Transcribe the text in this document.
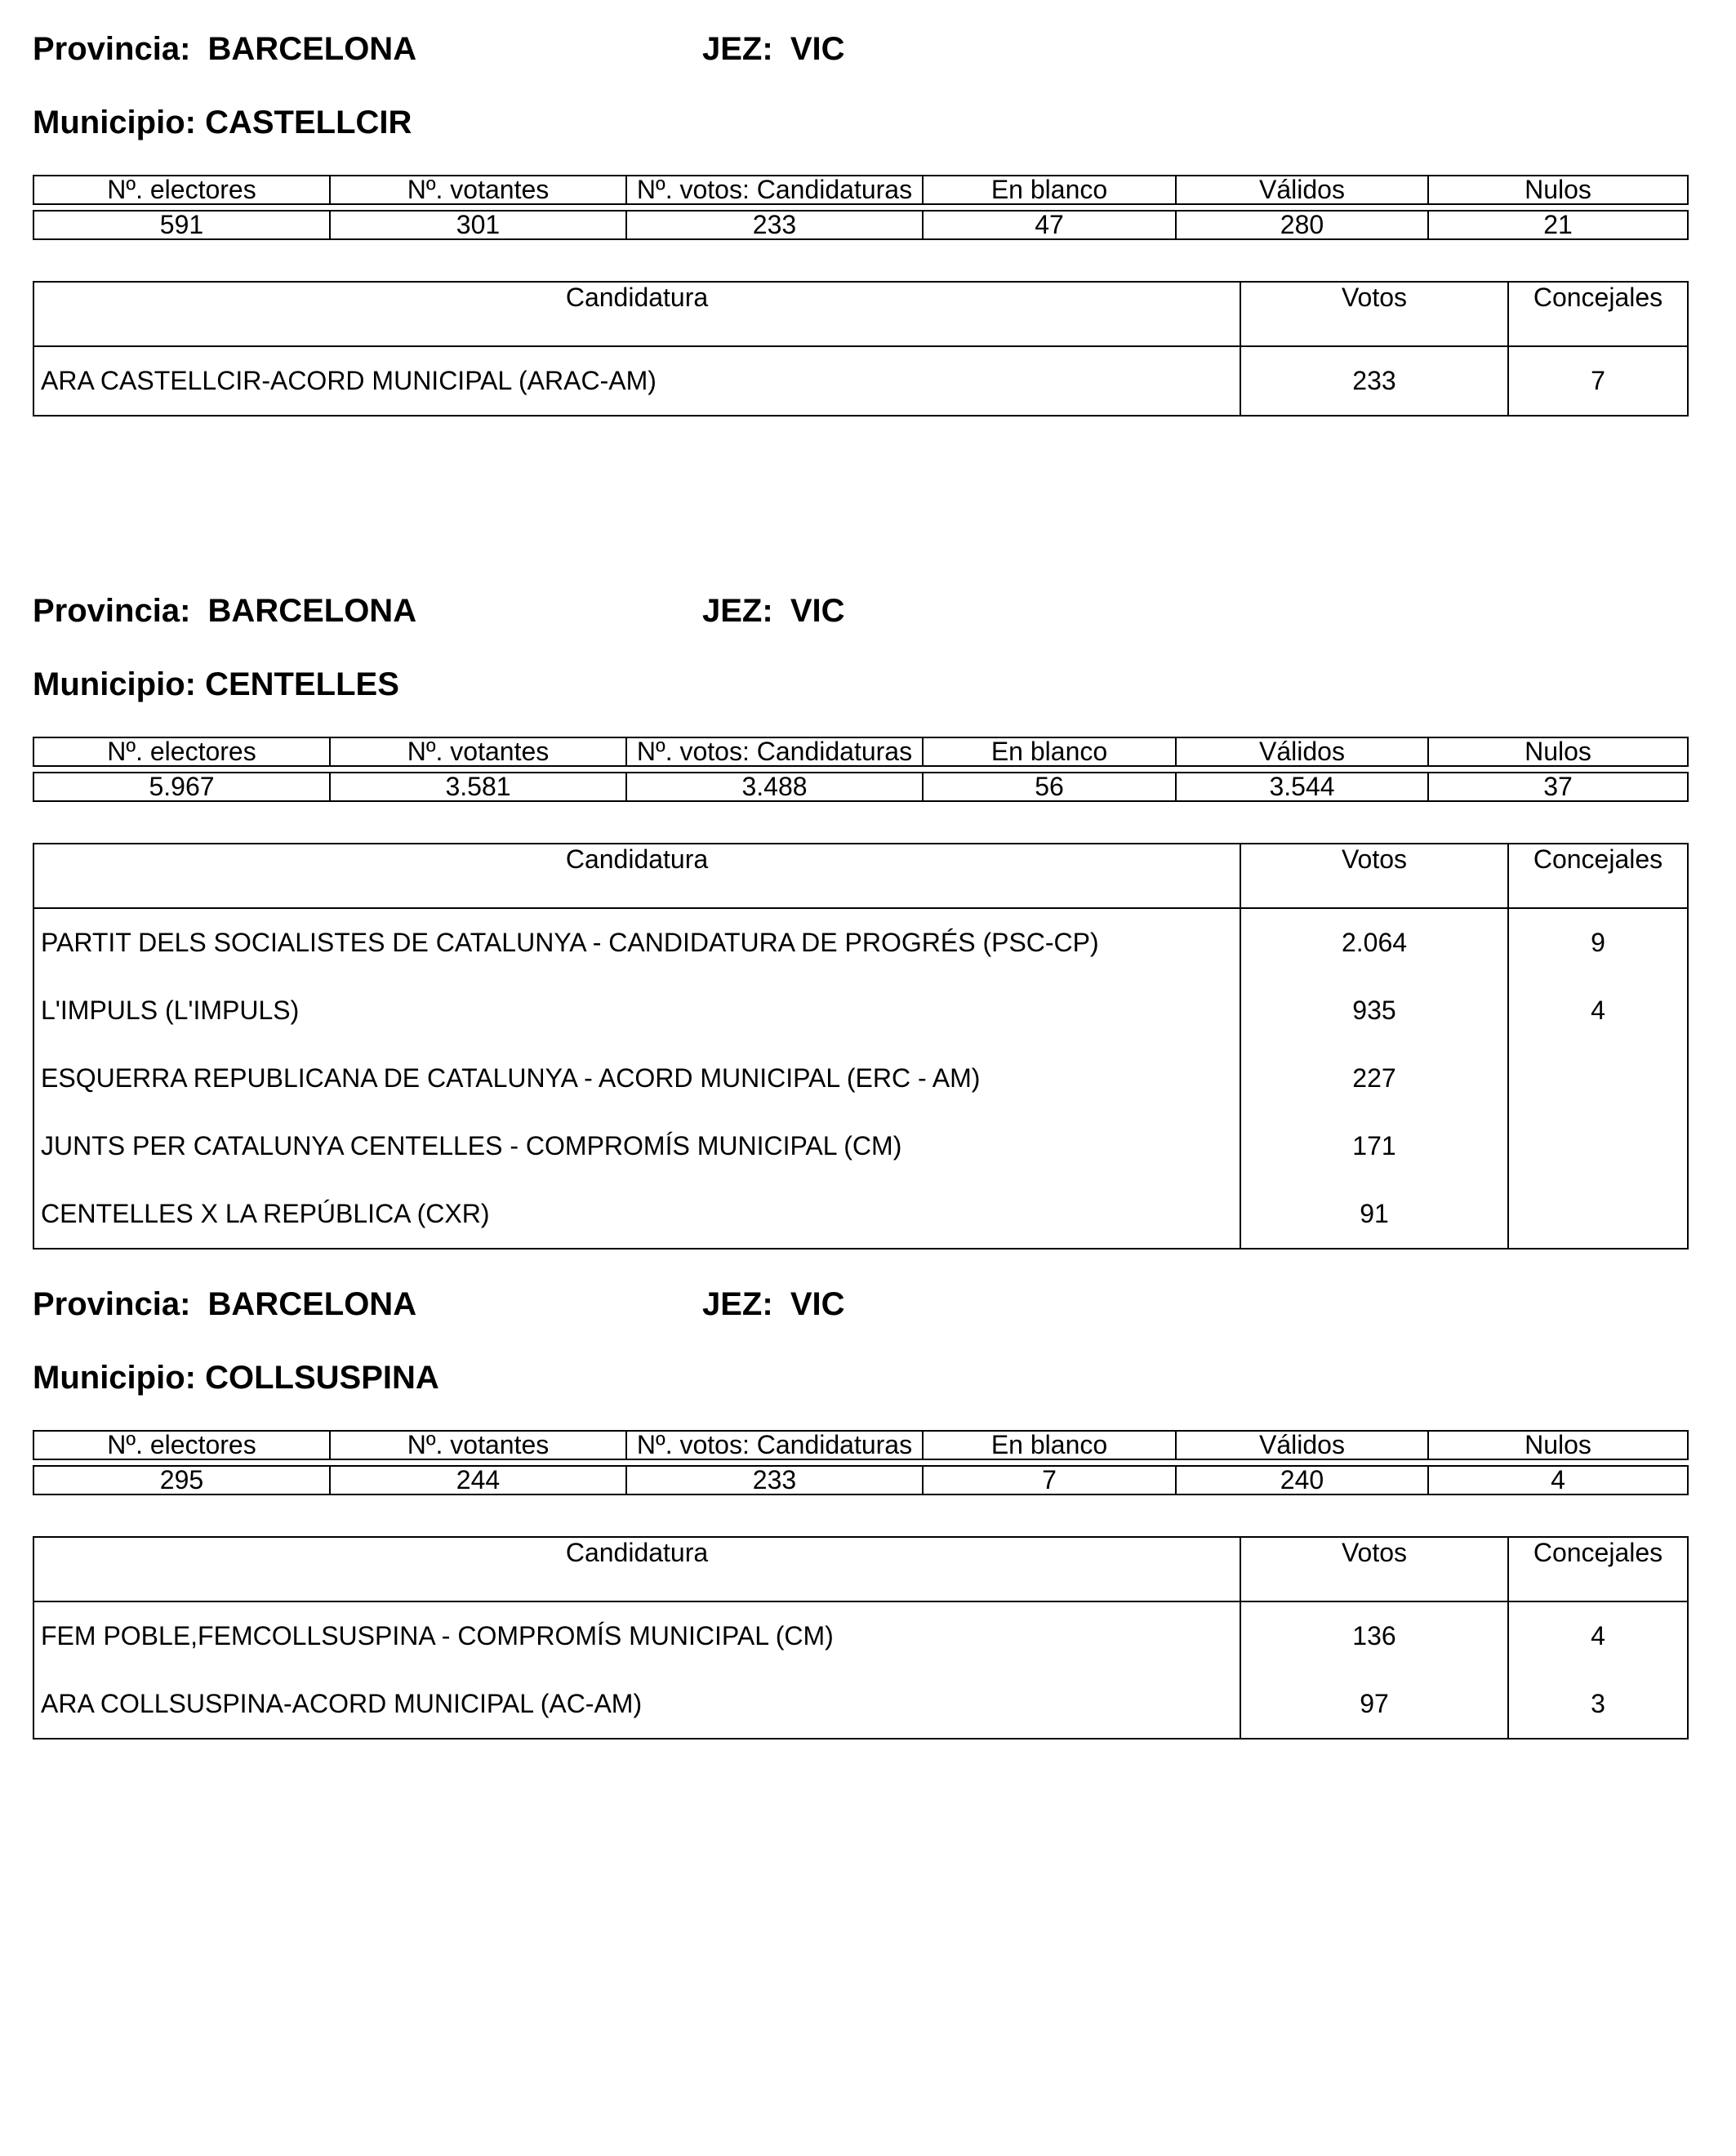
Provincia: BARCELONA	JEZ: VIC
Municipio: CASTELLCIR
Nº. electores	Nº. votantes	Nº. votos: Candidaturas	En blanco	Válidos	Nulos

591	301	233	47	280	21
Candidatura	Votos	Concejales
ARA CASTELLCIR-ACORD MUNICIPAL (ARAC-AM)	233	7
Provincia: BARCELONA	JEZ: VIC
Municipio: CENTELLES
Nº. electores	Nº. votantes	Nº. votos: Candidaturas	En blanco	Válidos	Nulos

5.967	3.581	3.488	56	3.544	37
Candidatura	Votos	Concejales
PARTIT DELS SOCIALISTES DE CATALUNYA - CANDIDATURA DE PROGRÉS (PSC-CP)	2.064	9
L'IMPULS (L'IMPULS)	935	4
ESQUERRA REPUBLICANA DE CATALUNYA - ACORD MUNICIPAL (ERC - AM)	227	
JUNTS PER CATALUNYA CENTELLES - COMPROMÍS MUNICIPAL (CM)	171	
CENTELLES X LA REPÚBLICA (CXR)	91	
Provincia: BARCELONA	JEZ: VIC
Municipio: COLLSUSPINA
Nº. electores	Nº. votantes	Nº. votos: Candidaturas	En blanco	Válidos	Nulos

295	244	233	7	240	4
Candidatura	Votos	Concejales
FEM POBLE,FEMCOLLSUSPINA - COMPROMÍS MUNICIPAL (CM)	136	4
ARA COLLSUSPINA-ACORD MUNICIPAL (AC-AM)	97	3
